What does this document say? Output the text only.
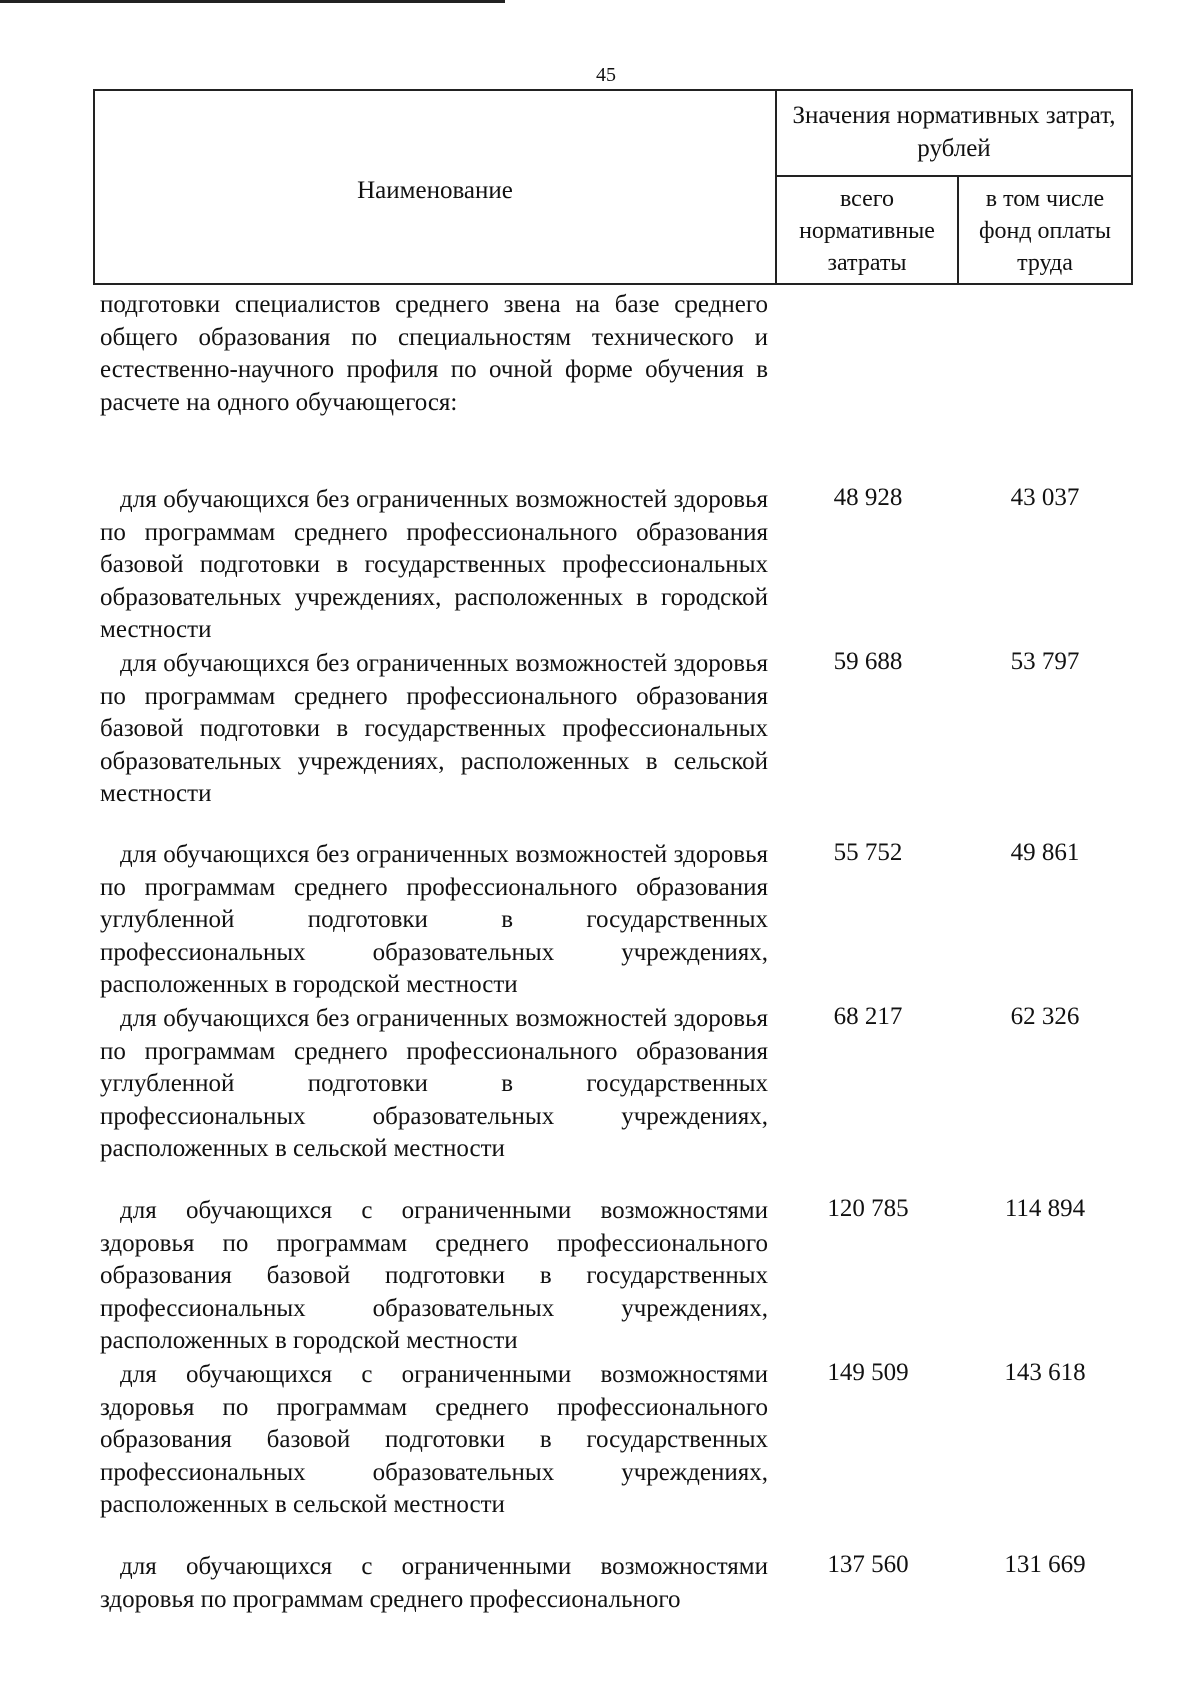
45
Наименование
Значения нормативных затрат, рублей
всего нормативные затраты
в том числе фонд оплаты труда
подготовки специалистов среднего звена на базе среднего общего образования по специальностям технического и естественно-научного профиля по очной форме обучения в расчете на одного обучающегося:
для обучающихся без ограниченных возможностей здоровья по программам среднего профессионального образования базовой подготовки в государственных профессиональных образовательных учреждениях, расположенных в городской местности
48 928	43 037
для обучающихся без ограниченных возможностей здоровья по программам среднего профессионального образования базовой подготовки в государственных профессиональных образовательных учреждениях, расположенных в сельской местности
59 688	53 797
для обучающихся без ограниченных возможностей здоровья по программам среднего профессионального образования углубленной подготовки в государственных профессиональных образовательных учреждениях, расположенных в городской местности
55 752	49 861
для обучающихся без ограниченных возможностей здоровья по программам среднего профессионального образования углубленной подготовки в государственных профессиональных образовательных учреждениях, расположенных в сельской местности
68 217	62 326
для обучающихся с ограниченными возможностями здоровья по программам среднего профессионального образования базовой подготовки в государственных профессиональных образовательных учреждениях, расположенных в городской местности
120 785	114 894
для обучающихся с ограниченными возможностями здоровья по программам среднего профессионального образования базовой подготовки в государственных профессиональных образовательных учреждениях, расположенных в сельской местности
149 509	143 618
для обучающихся с ограниченными возможностями здоровья по программам среднего профессионального
137 560	131 669
